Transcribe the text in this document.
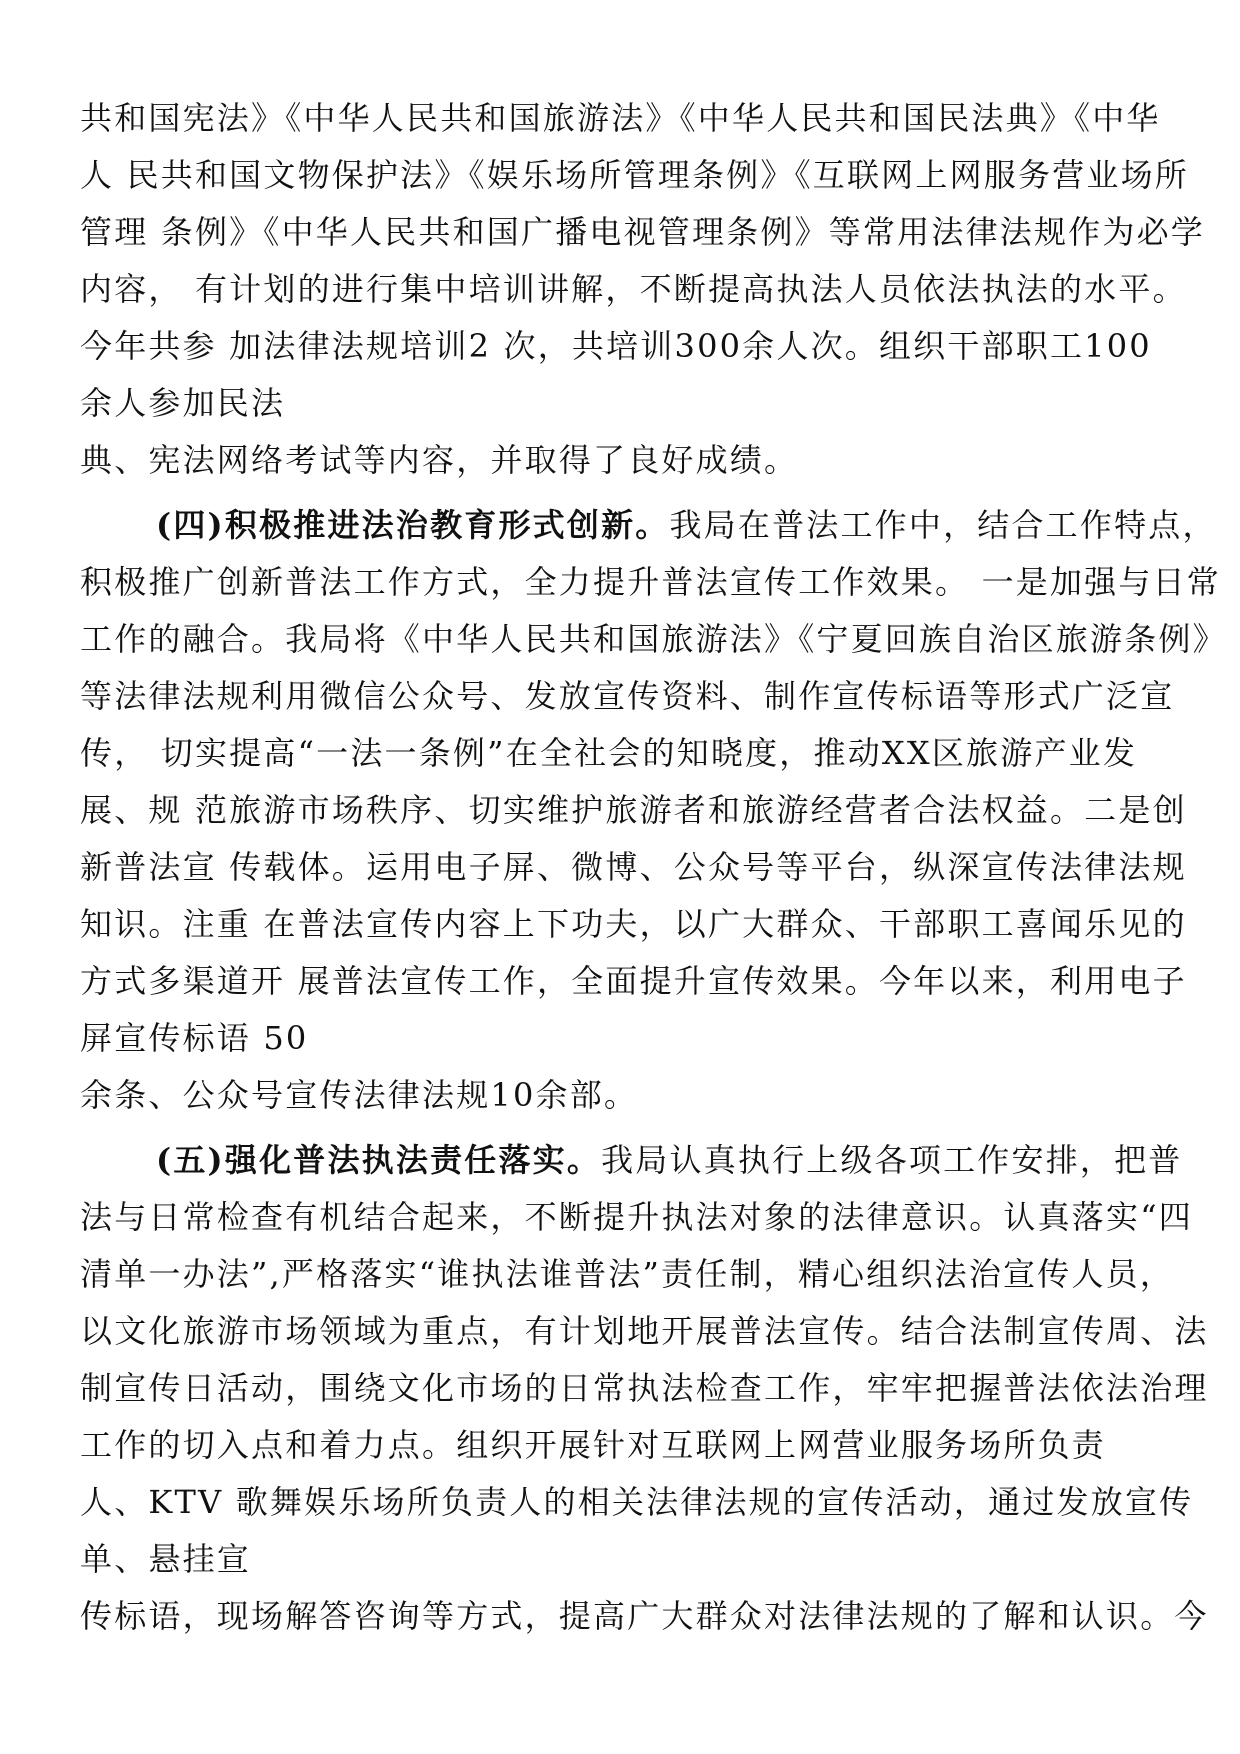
共和国宪法》《中华人民共和国旅游法》《中华人民共和国民法典》《中华
人 民共和国文物保护法》《娱乐场所管理条例》《互联网上网服务营业场所
管理 条例》《中华人民共和国广播电视管理条例》等常用法律法规作为必学
内容， 有计划的进行集中培训讲解，不断提高执法人员依法执法的水平。
今年共参 加法律法规培训2 次，共培训300余人次。组织干部职工100
余人参加民法
典、宪法网络考试等内容，并取得了良好成绩。
(四)积极推进法治教育形式创新。我局在普法工作中，结合工作特点，
积极推广创新普法工作方式，全力提升普法宣传工作效果。 一是加强与日常
工作的融合。我局将《中华人民共和国旅游法》《宁夏回族自治区旅游条例》
等法律法规利用微信公众号、发放宣传资料、制作宣传标语等形式广泛宣
传， 切实提高“一法一条例”在全社会的知晓度，推动XX区旅游产业发
展、规 范旅游市场秩序、切实维护旅游者和旅游经营者合法权益。二是创
新普法宣 传载体。运用电子屏、微博、公众号等平台，纵深宣传法律法规
知识。注重 在普法宣传内容上下功夫，以广大群众、干部职工喜闻乐见的
方式多渠道开 展普法宣传工作，全面提升宣传效果。今年以来，利用电子
屏宣传标语 50
余条、公众号宣传法律法规10余部。
(五)强化普法执法责任落实。我局认真执行上级各项工作安排，把普
法与日常检查有机结合起来，不断提升执法对象的法律意识。认真落实“四
清单一办法”,严格落实“谁执法谁普法”责任制，精心组织法治宣传人员，
以文化旅游市场领域为重点，有计划地开展普法宣传。结合法制宣传周、法
制宣传日活动，围绕文化市场的日常执法检查工作，牢牢把握普法依法治理
工作的切入点和着力点。组织开展针对互联网上网营业服务场所负责
人、KTV 歌舞娱乐场所负责人的相关法律法规的宣传活动，通过发放宣传
单、悬挂宣
传标语，现场解答咨询等方式，提高广大群众对法律法规的了解和认识。今
